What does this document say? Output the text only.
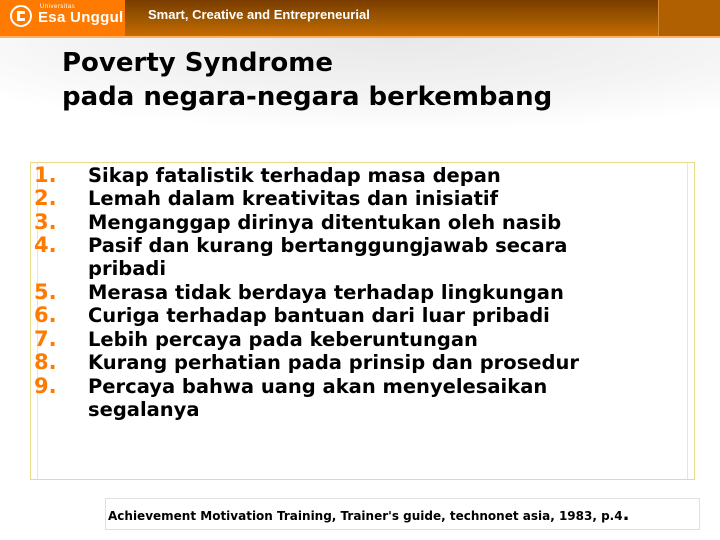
Universitas
Esa Unggul Smart, Creative and Entrepreneurial
Poverty Syndrome
pada negara-negara berkembang
1.	Sikap fatalistik terhadap masa depan
2.	Lemah dalam kreativitas dan inisiatif
3.	Menganggap dirinya ditentukan oleh nasib
4.	Pasif dan kurang bertanggungjawab secara
pribadi
5.	Merasa tidak berdaya terhadap lingkungan
6.	Curiga terhadap bantuan dari luar pribadi
7.	Lebih percaya pada keberuntungan
8.	Kurang perhatian pada prinsip dan prosedur
9.	Percaya bahwa uang akan menyelesaikan
segalanya
Achievement Motivation Training, Trainer's guide, technonet asia, 1983, p.4.
